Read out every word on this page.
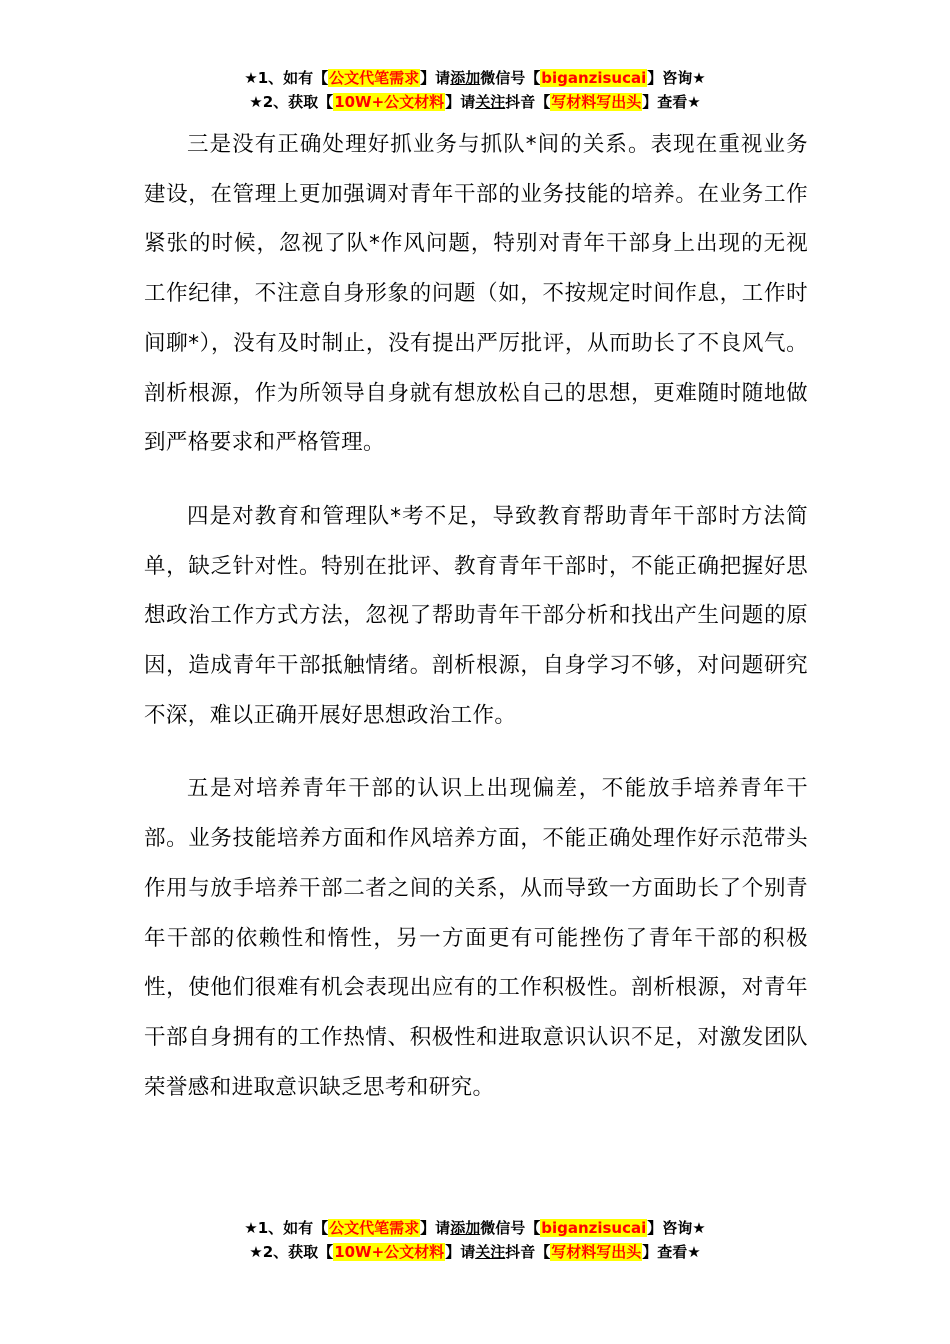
★1、如有【公文代笔需求】请添加微信号【biganzisucai】咨询★
★2、获取【10W+公文材料】请关注抖音【写材料写出头】查看★

三是没有正确处理好抓业务与抓队*间的关系。表现在重视业务建设，在管理上更加强调对青年干部的业务技能的培养。在业务工作紧张的时候，忽视了队*作风问题，特别对青年干部身上出现的无视工作纪律，不注意自身形象的问题（如，不按规定时间作息，工作时间聊*），没有及时制止，没有提出严厉批评，从而助长了不良风气。剖析根源，作为所领导自身就有想放松自己的思想，更难随时随地做到严格要求和严格管理。

四是对教育和管理队*考不足，导致教育帮助青年干部时方法简单，缺乏针对性。特别在批评、教育青年干部时，不能正确把握好思想政治工作方式方法，忽视了帮助青年干部分析和找出产生问题的原因，造成青年干部抵触情绪。剖析根源，自身学习不够，对问题研究不深，难以正确开展好思想政治工作。

五是对培养青年干部的认识上出现偏差，不能放手培养青年干部。业务技能培养方面和作风培养方面，不能正确处理作好示范带头作用与放手培养干部二者之间的关系，从而导致一方面助长了个别青年干部的依赖性和惰性，另一方面更有可能挫伤了青年干部的积极性，使他们很难有机会表现出应有的工作积极性。剖析根源，对青年干部自身拥有的工作热情、积极性和进取意识认识不足，对激发团队荣誉感和进取意识缺乏思考和研究。

★1、如有【公文代笔需求】请添加微信号【biganzisucai】咨询★
★2、获取【10W+公文材料】请关注抖音【写材料写出头】查看★
